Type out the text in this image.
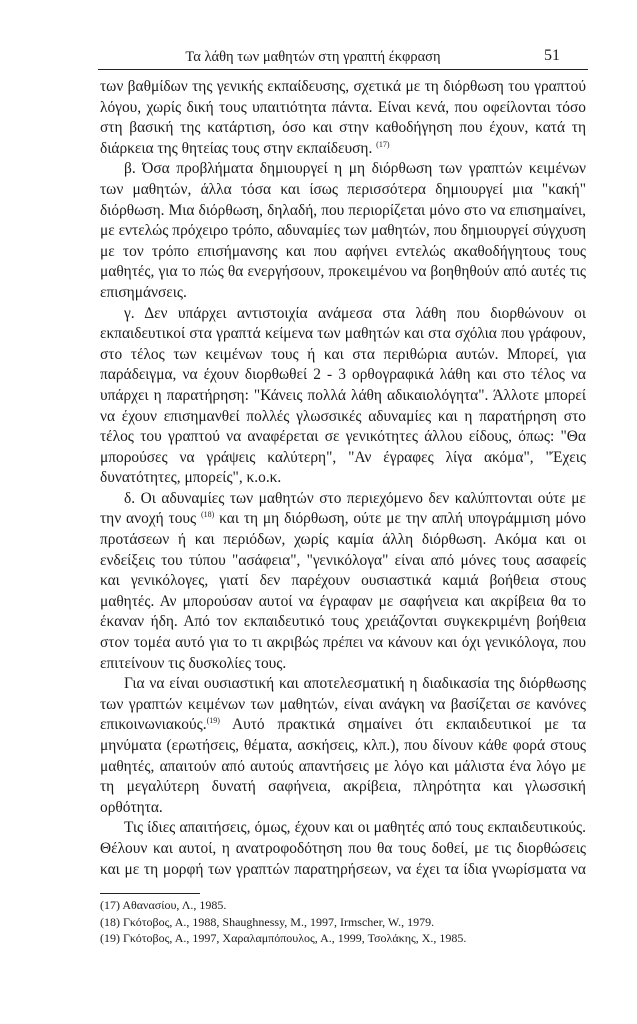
Τα λάθη των μαθητών στη γραπτή έκφραση	51

των βαθμίδων της γενικής εκπαίδευσης, σχετικά με τη διόρθωση του γραπτού λόγου, χωρίς δική τους υπαιτιότητα πάντα. Είναι κενά, που οφείλονται τόσο στη βασική της κατάρτιση, όσο και στην καθοδήγηση που έχουν, κατά τη διάρκεια της θητείας τους στην εκπαίδευση. $^{(17)}$

β. Όσα προβλήματα δημιουργεί η μη διόρθωση των γραπτών κειμένων των μαθητών, άλλα τόσα και ίσως περισσότερα δημιουργεί μια "κακή" διόρθωση. Μια διόρθωση, δηλαδή, που περιορίζεται μόνο στο να επισημαίνει, με εντελώς πρόχειρο τρόπο, αδυναμίες των μαθητών, που δημιουργεί σύγχυση με τον τρόπο επισήμανσης και που αφήνει εντελώς ακαθοδήγητους τους μαθητές, για το πώς θα ενεργήσουν, προκειμένου να βοηθηθούν από αυτές τις επισημάνσεις.

γ. Δεν υπάρχει αντιστοιχία ανάμεσα στα λάθη που διορθώνουν οι εκπαιδευτικοί στα γραπτά κείμενα των μαθητών και στα σχόλια που γράφουν, στο τέλος των κειμένων τους ή και στα περιθώρια αυτών. Μπορεί, για παράδειγμα, να έχουν διορθωθεί 2 - 3 ορθογραφικά λάθη και στο τέλος να υπάρχει η παρατήρηση: "Κάνεις πολλά λάθη αδικαιολόγητα". Άλλοτε μπορεί να έχουν επισημανθεί πολλές γλωσσικές αδυναμίες και η παρατήρηση στο τέλος του γραπτού να αναφέρεται σε γενικότητες άλλου είδους, όπως: "Θα μπορούσες να γράψεις καλύτερη", "Αν έγραφες λίγα ακόμα", "Έχεις δυνατότητες, μπορείς", κ.ο.κ.

δ. Οι αδυναμίες των μαθητών στο περιεχόμενο δεν καλύπτονται ούτε με την ανοχή τους $^{(18)}$ και τη μη διόρθωση, ούτε με την απλή υπογράμμιση μόνο προτάσεων ή και περιόδων, χωρίς καμία άλλη διόρθωση. Ακόμα και οι ενδείξεις του τύπου "ασάφεια", "γενικόλογα" είναι από μόνες τους ασαφείς και γενικόλογες, γιατί δεν παρέχουν ουσιαστικά καμιά βοήθεια στους μαθητές. Αν μπορούσαν αυτοί να έγραφαν με σαφήνεια και ακρίβεια θα το έκαναν ήδη. Από τον εκπαιδευτικό τους χρειάζονται συγκεκριμένη βοήθεια στον τομέα αυτό για το τι ακριβώς πρέπει να κάνουν και όχι γενικόλογα, που επιτείνουν τις δυσκολίες τους.

Για να είναι ουσιαστική και αποτελεσματική η διαδικασία της διόρθωσης των γραπτών κειμένων των μαθητών, είναι ανάγκη να βασίζεται σε κανόνες επικοινωνιακούς.$^{(19)}$ Αυτό πρακτικά σημαίνει ότι εκπαιδευτικοί με τα μηνύματα (ερωτήσεις, θέματα, ασκήσεις, κλπ.), που δίνουν κάθε φορά στους μαθητές, απαιτούν από αυτούς απαντήσεις με λόγο και μάλιστα ένα λόγο με τη μεγαλύτερη δυνατή σαφήνεια, ακρίβεια, πληρότητα και γλωσσική ορθότητα.

Τις ίδιες απαιτήσεις, όμως, έχουν και οι μαθητές από τους εκπαιδευτικούς. Θέλουν και αυτοί, η ανατροφοδότηση που θα τους δοθεί, με τις διορθώσεις και με τη μορφή των γραπτών παρατηρήσεων, να έχει τα ίδια γνωρίσματα να

(17) Αθανασίου, Λ., 1985.
(18) Γκότοβος, Α., 1988, Shaughnessy, M., 1997, Irmscher, W., 1979.
(19) Γκότοβος, Α., 1997, Χαραλαμπόπουλος, Α., 1999, Τσολάκης, Χ., 1985.
